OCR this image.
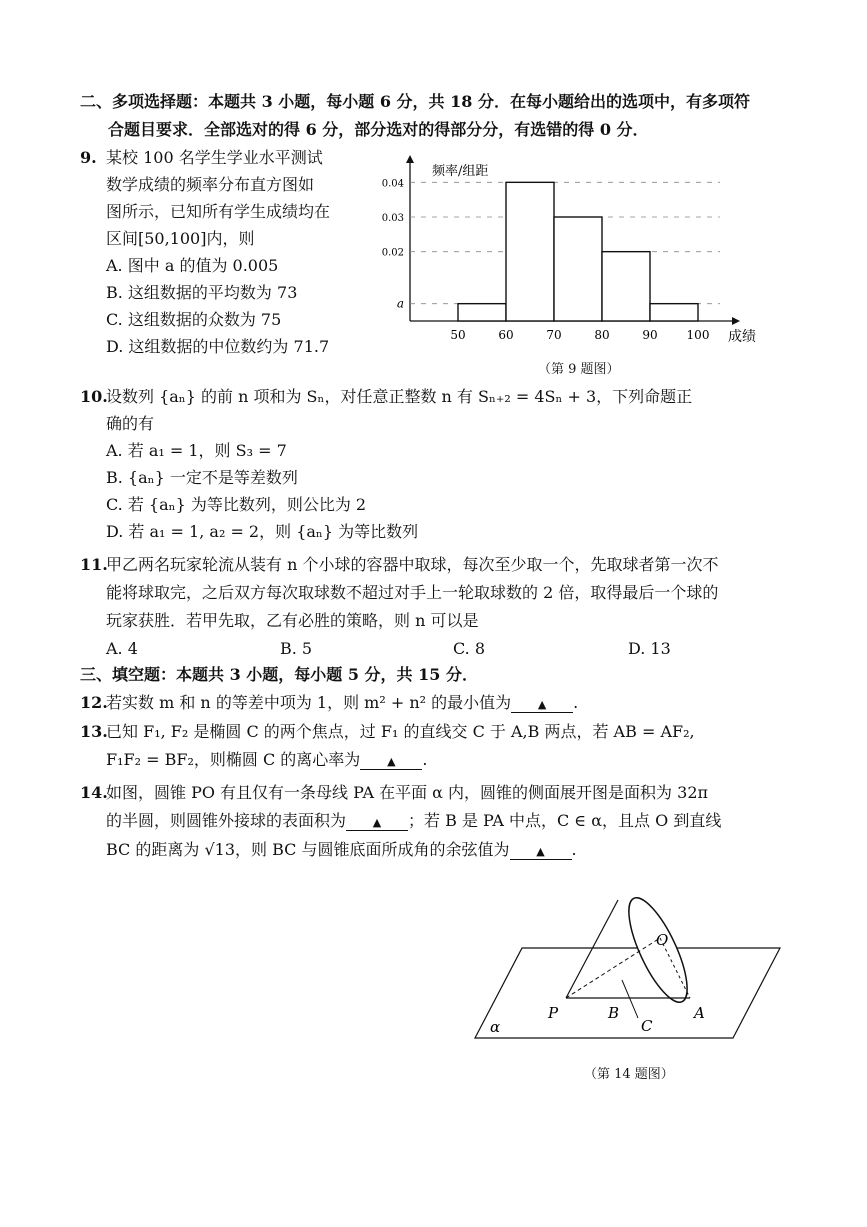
二、多项选择题：本题共 3 小题，每小题 6 分，共 18 分．在每小题给出的选项中，有多项符
合题目要求．全部选对的得 6 分，部分选对的得部分分，有选错的得 0 分．
9. 某校 100 名学生学业水平测试
数学成绩的频率分布直方图如
图所示，已知所有学生成绩均在
区间[50,100]内，则
A. 图中 a 的值为 0.005
B. 这组数据的平均数为 73
C. 这组数据的众数为 75
D. 这组数据的中位数约为 71.7
a
0.02
0.03
0.04
50	60	70	80	90 100
频率/组距
成绩
（第 9 题图）
10.
设数列 {aₙ} 的前 n 项和为 Sₙ，对任意正整数 n 有 Sₙ₊₂ = 4Sₙ + 3，下列命题正
确的有
A. 若 a₁ = 1，则 S₃ = 7
B. {aₙ} 一定不是等差数列
C. 若 {aₙ} 为等比数列，则公比为 2
D. 若 a₁ = 1, a₂ = 2，则 {aₙ} 为等比数列
11.
甲乙两名玩家轮流从装有 n 个小球的容器中取球，每次至少取一个，先取球者第一次不
能将球取完，之后双方每次取球数不超过对手上一轮取球数的 2 倍，取得最后一个球的
玩家获胜．若甲先取，乙有必胜的策略，则 n 可以是
A. 4	B. 5	C. 8	D. 13
三、填空题：本题共 3 小题，每小题 5 分，共 15 分．
12.
若实数 m 和 n 的等差中项为 1，则 m² + n² 的最小值为 ▲ .
13.
已知 F₁, F₂ 是椭圆 C 的两个焦点，过 F₁ 的直线交 C 于 A,B 两点，若 AB = AF₂,
F₁F₂ = BF₂，则椭圆 C 的离心率为 ▲ .
14.
如图，圆锥 PO 有且仅有一条母线 PA 在平面 α 内，圆锥的侧面展开图是面积为 32π
的半圆，则圆锥外接球的表面积为 ▲ ；若 B 是 PA 中点，C ∈ α，且点 O 到直线
BC 的距离为 √13，则 BC 与圆锥底面所成角的余弦值为 ▲ .
O
P	B
C
A
α
（第 14 题图）
